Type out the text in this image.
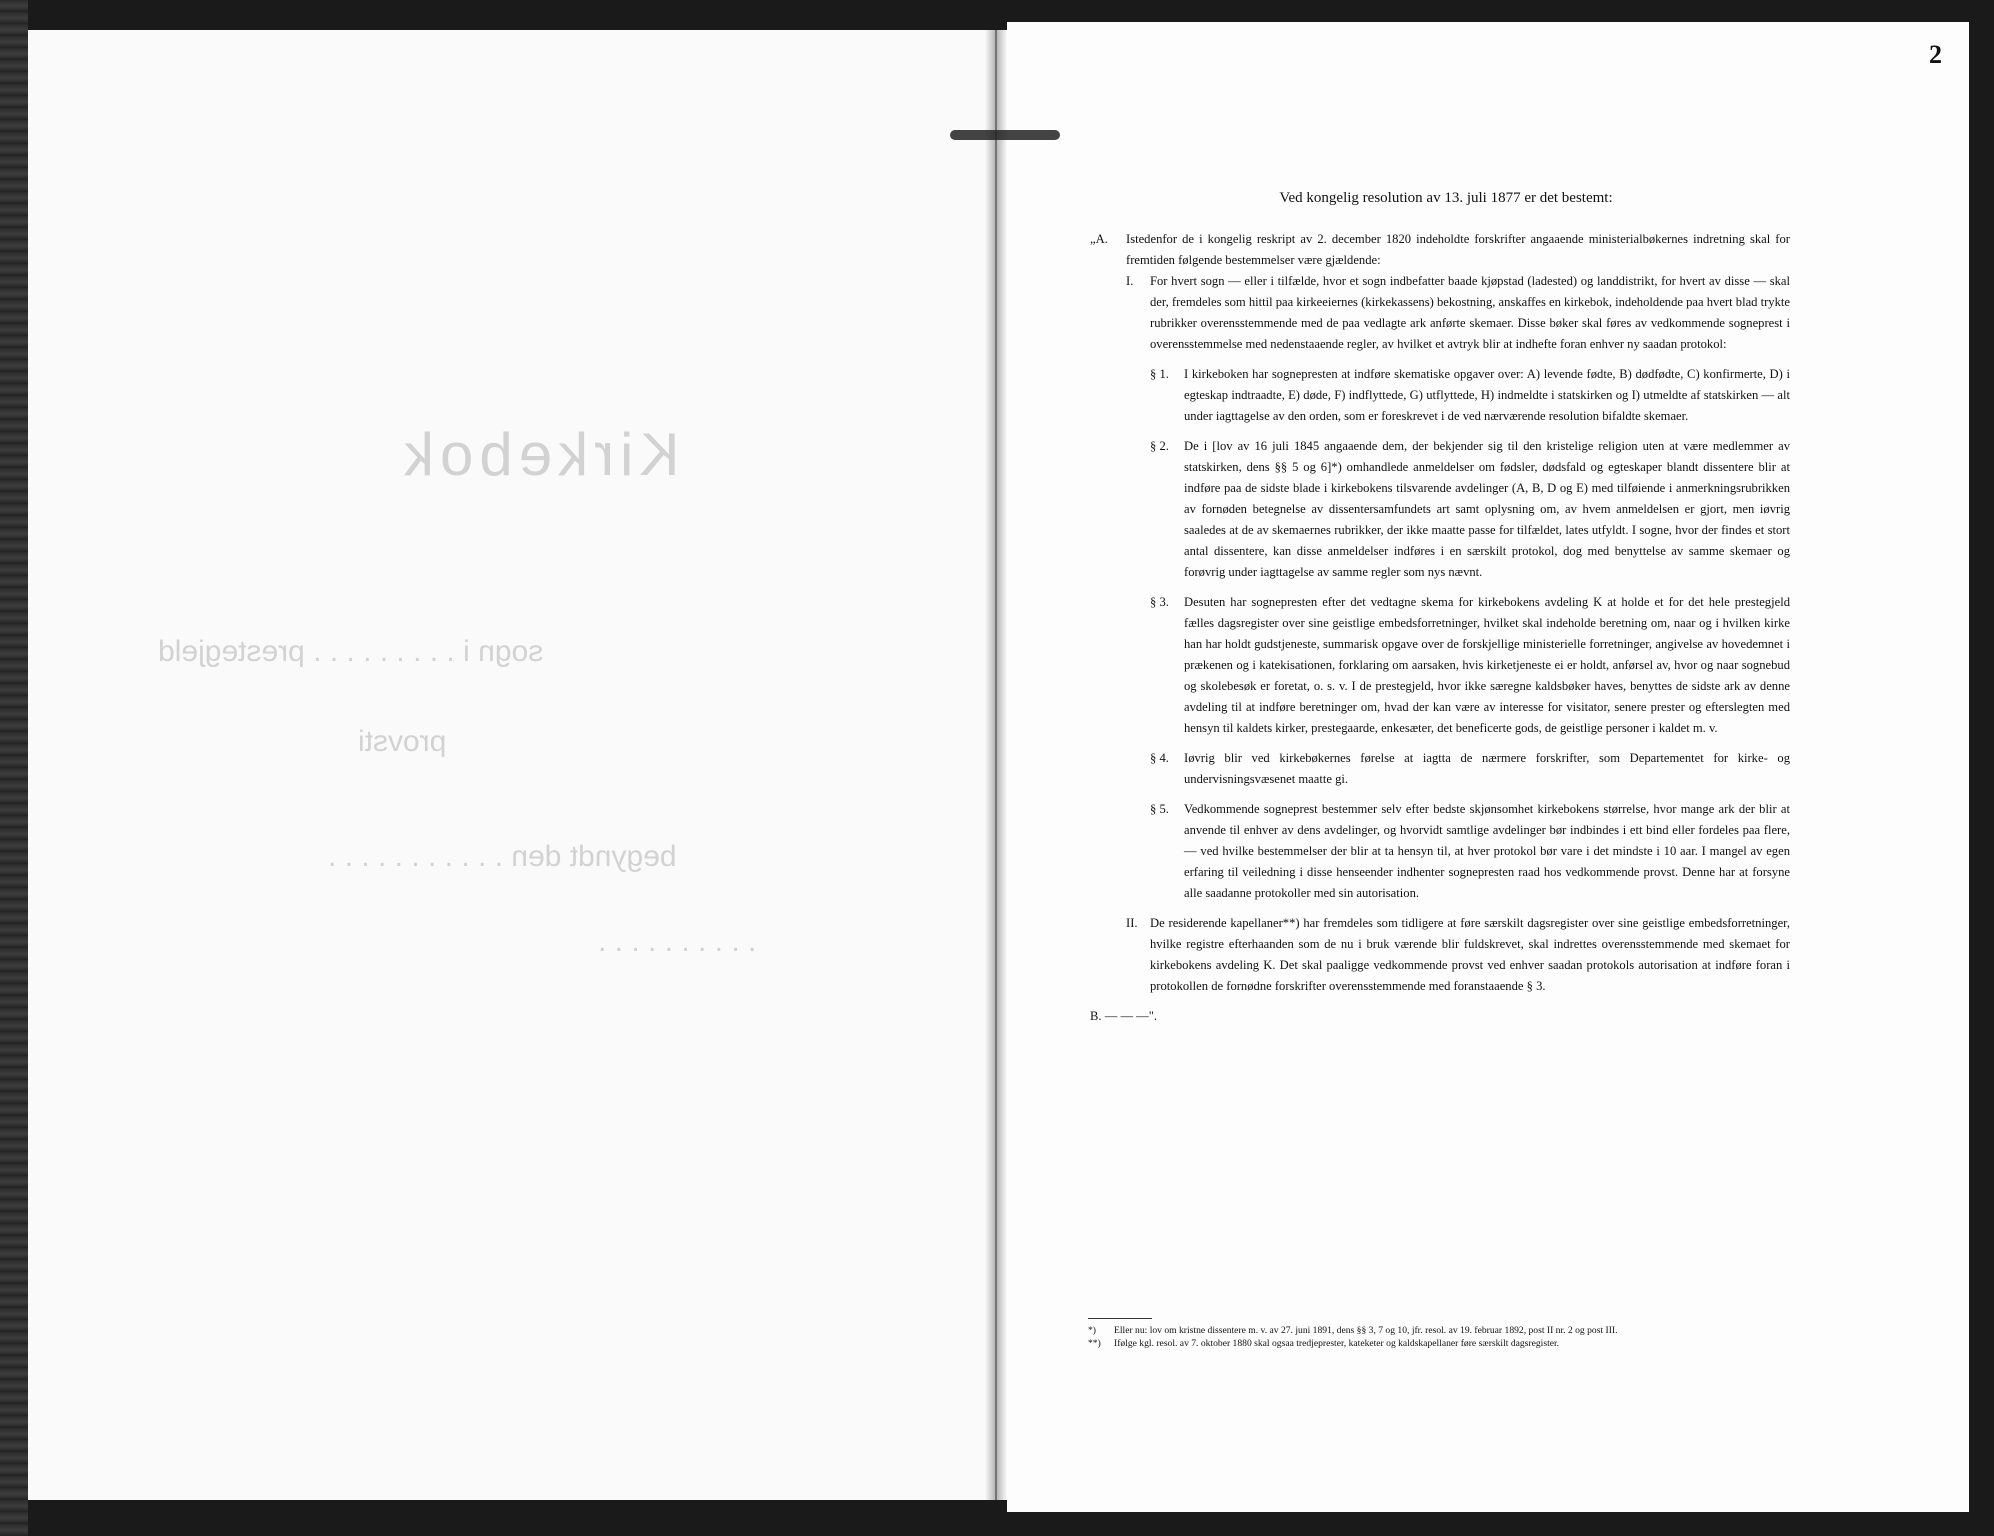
Kirkebok
sogn i . . . . . . . . . prestegjeld
provsti
begyndt den . . . . . . . . . . .
. . . . . . . . . .
2
Ved kongelig resolution av 13. juli 1877 er det bestemt:
„A. Istedenfor de i kongelig reskript av 2. december 1820 indeholdte forskrifter angaaende ministerialbøkernes indretning skal for fremtiden følgende bestemmelser være gjældende:
I. For hvert sogn — eller i tilfælde, hvor et sogn indbefatter baade kjøpstad (ladested) og landdistrikt, for hvert av disse — skal der, fremdeles som hittil paa kirkeeiernes (kirkekassens) bekostning, anskaffes en kirkebok, indeholdende paa hvert blad trykte rubrikker overensstemmende med de paa vedlagte ark anførte skemaer. Disse bøker skal føres av vedkommende sogneprest i overensstemmelse med nedenstaaende regler, av hvilket et avtryk blir at indhefte foran enhver ny saadan protokol:
§ 1. I kirkeboken har sognepresten at indføre skematiske opgaver over: A) levende fødte, B) dødfødte, C) konfirmerte, D) i egteskap indtraadte, E) døde, F) indflyttede, G) utflyttede, H) indmeldte i statskirken og I) utmeldte af statskirken — alt under iagttagelse av den orden, som er foreskrevet i de ved nærværende resolution bifaldte skemaer.
§ 2. De i [lov av 16 juli 1845 angaaende dem, der bekjender sig til den kristelige religion uten at være medlemmer av statskirken, dens §§ 5 og 6]*) omhandlede anmeldelser om fødsler, dødsfald og egteskaper blandt dissentere blir at indføre paa de sidste blade i kirkebokens tilsvarende avdelinger (A, B, D og E) med tilføiende i anmerkningsrubrikken av fornøden betegnelse av dissentersamfundets art samt oplysning om, av hvem anmeldelsen er gjort, men iøvrig saaledes at de av skemaernes rubrikker, der ikke maatte passe for tilfældet, lates utfyldt. I sogne, hvor der findes et stort antal dissentere, kan disse anmeldelser indføres i en særskilt protokol, dog med benyttelse av samme skemaer og forøvrig under iagttagelse av samme regler som nys nævnt.
§ 3. Desuten har sognepresten efter det vedtagne skema for kirkebokens avdeling K at holde et for det hele prestegjeld fælles dagsregister over sine geistlige embedsforretninger, hvilket skal indeholde beretning om, naar og i hvilken kirke han har holdt gudstjeneste, summarisk opgave over de forskjellige ministerielle forretninger, angivelse av hovedemnet i prækenen og i katekisationen, forklaring om aarsaken, hvis kirketjeneste ei er holdt, anførsel av, hvor og naar sognebud og skolebesøk er foretat, o. s. v. I de prestegjeld, hvor ikke særegne kaldsbøker haves, benyttes de sidste ark av denne avdeling til at indføre beretninger om, hvad der kan være av interesse for visitator, senere prester og efterslegten med hensyn til kaldets kirker, prestegaarde, enkesæter, det beneficerte gods, de geistlige personer i kaldet m. v.
§ 4. Iøvrig blir ved kirkebøkernes førelse at iagtta de nærmere forskrifter, som Departementet for kirke- og undervisningsvæsenet maatte gi.
§ 5. Vedkommende sogneprest bestemmer selv efter bedste skjønsomhet kirkebokens størrelse, hvor mange ark der blir at anvende til enhver av dens avdelinger, og hvorvidt samtlige avdelinger bør indbindes i ett bind eller fordeles paa flere, — ved hvilke bestemmelser der blir at ta hensyn til, at hver protokol bør vare i det mindste i 10 aar. I mangel av egen erfaring til veiledning i disse henseender indhenter sognepresten raad hos vedkommende provst. Denne har at forsyne alle saadanne protokoller med sin autorisation.
II. De residerende kapellaner**) har fremdeles som tidligere at føre særskilt dagsregister over sine geistlige embedsforretninger, hvilke registre efterhaanden som de nu i bruk værende blir fuldskrevet, skal indrettes overensstemmende med skemaet for kirkebokens avdeling K. Det skal paaligge vedkommende provst ved enhver saadan protokols autorisation at indføre foran i protokollen de fornødne forskrifter overensstemmende med foranstaaende § 3.
B. — — —".
*) Eller nu: lov om kristne dissentere m. v. av 27. juni 1891, dens §§ 3, 7 og 10, jfr. resol. av 19. februar 1892, post II nr. 2 og post III.
**) Ifølge kgl. resol. av 7. oktober 1880 skal ogsaa tredjeprester, kateketer og kaldskapellaner føre særskilt dagsregister.
